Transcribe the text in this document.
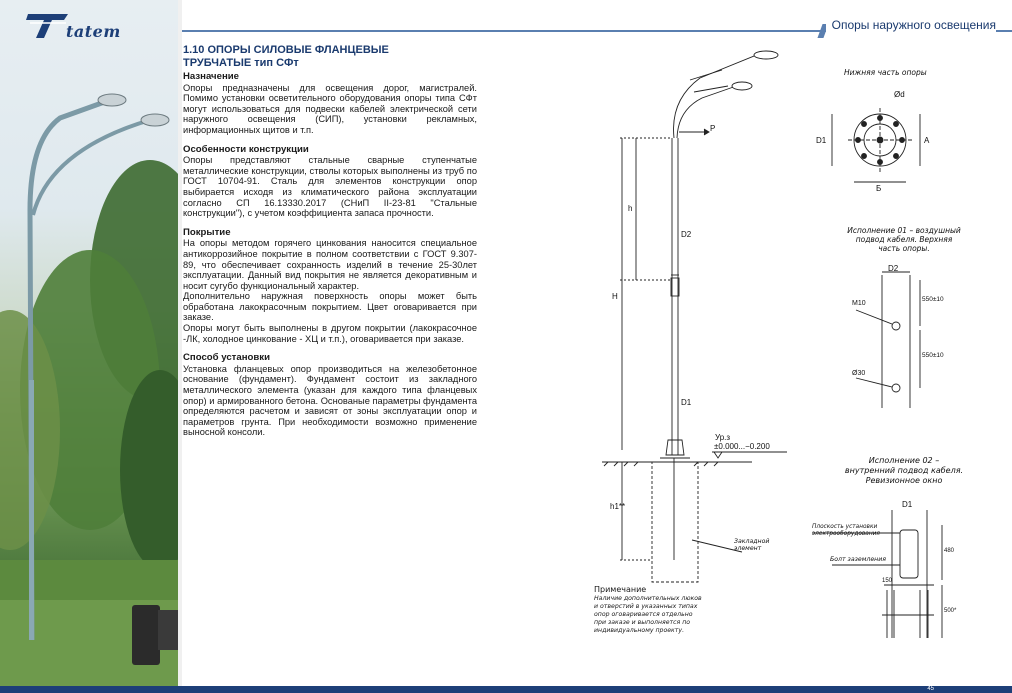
tatem	Опоры наружного освещения
1.10 ОПОРЫ СИЛОВЫЕ ФЛАНЦЕВЫЕ
ТРУБЧАТЫЕ тип СФт
Назначение
Опоры предназначены для освещения дорог, магистралей. Помимо установки осветительного оборудования опоры типа СФт могут использоваться для подвески кабелей электрической сети наружного освещения (СИП), установки рекламных, информационных щитов и т.п.
Особенности конструкции
Опоры представляют стальные сварные ступенчатые металлические конструкции, стволы которых выполнены из труб по ГОСТ 10704-91. Сталь для элементов конструкции опор выбирается исходя из климатического района эксплуатации согласно СП 16.13330.2017 (СНиП II-23-81 "Стальные конструкции"), с учетом коэффициента запаса прочности.
Покрытие
На опоры методом горячего цинкования наносится специальное антикоррозийное покрытие в полном соответствии с ГОСТ 9.307-89, что обеспечивает сохранность изделий в течение 25-30лет эксплуатации. Данный вид покрытия не является декоративным и носит сугубо функциональный характер.
Дополнительно наружная поверхность опоры может быть обработана лакокрасочным покрытием. Цвет оговаривается при заказе.
Опоры могут быть выполнены в другом покрытии (лакокрасочное -ЛК, холодное цинкование - ХЦ и т.п.), оговаривается при заказе.
Способ установки
Установка фланцевых опор производиться на железобетонное основание (фундамент). Фундамент состоит из закладного металлического элемента (указан для каждого типа фланцевых опор) и армированного бетона. Основаные параметры фундамента определяются расчетом и зависят от зоны эксплуатации опор и параметров грунта. При необходимости возможно применение выносной консоли.
P
h
H
D2
D1
Ур.з
±0.000...−0.200
h1**
Закладной элемент
Нижняя часть опоры
Ød
A
Б
D1
Исполнение 01 – воздушный подвод кабеля. Верхняя часть опоры.
D2
M10
Ø30
550±10
550±10
Исполнение 02 – внутренний подвод кабеля. Ревизионное окно
D1
Плоскость установки электрооборудования
Болт заземления
480
500*
150
Примечание
Наличие дополнительных люков и отверстий в указанных типах опор оговаривается отдельно при заказе и выполняется по индивидуальному проекту.
45
